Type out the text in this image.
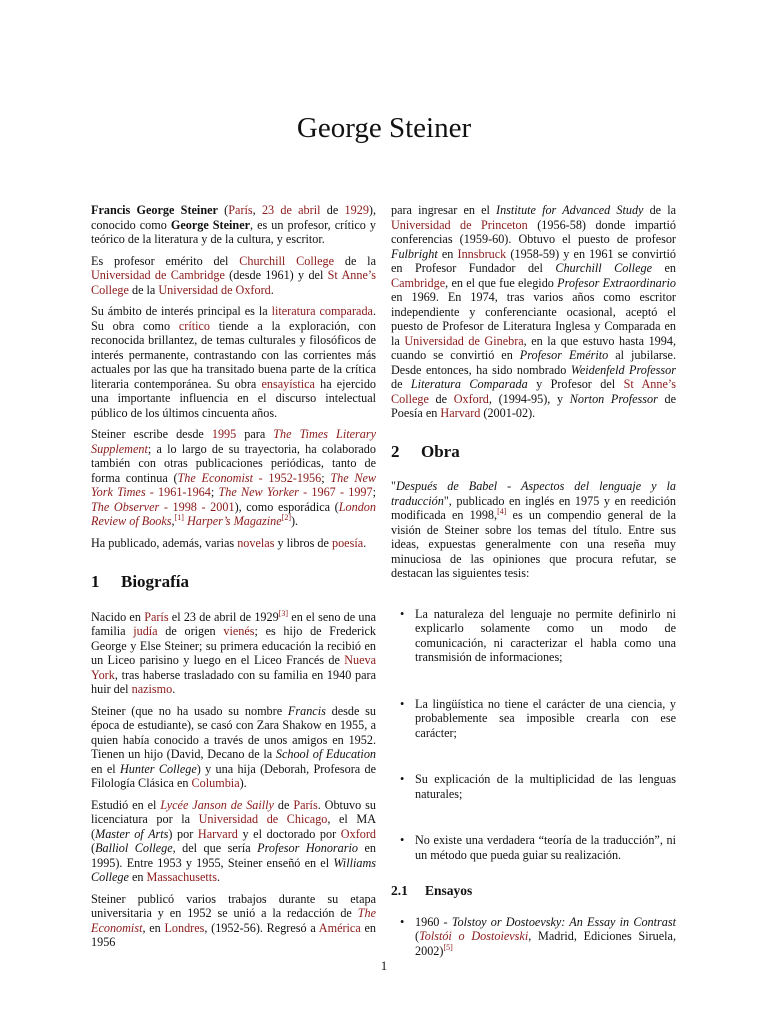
George Steiner

Francis George Steiner (París, 23 de abril de 1929), conocido como George Steiner, es un profesor, crítico y teórico de la literatura y de la cultura, y escritor.

Es profesor emérito del Churchill College de la Universidad de Cambridge (desde 1961) y del St Anne’s College de la Universidad de Oxford.

Su ámbito de interés principal es la literatura comparada. Su obra como crítico tiende a la exploración, con reconocida brillantez, de temas culturales y filosóficos de interés permanente, contrastando con las corrientes más actuales por las que ha transitado buena parte de la crítica literaria contemporánea. Su obra ensayística ha ejercido una importante influencia en el discurso intelectual público de los últimos cincuenta años.

Steiner escribe desde 1995 para The Times Literary Supplement; a lo largo de su trayectoria, ha colaborado también con otras publicaciones periódicas, tanto de forma continua (The Economist - 1952-1956; The New York Times - 1961-1964; The New Yorker - 1967 - 1997; The Observer - 1998 - 2001), como esporádica (London Review of Books,[1] Harper’s Magazine[2]).

Ha publicado, además, varias novelas y libros de poesía.

1	Biografía

Nacido en París el 23 de abril de 1929[3] en el seno de una familia judía de origen vienés; es hijo de Frederick George y Else Steiner; su primera educación la recibió en un Liceo parisino y luego en el Liceo Francés de Nueva York, tras haberse trasladado con su familia en 1940 para huir del nazismo.

Steiner (que no ha usado su nombre Francis desde su época de estudiante), se casó con Zara Shakow en 1955, a quien había conocido a través de unos amigos en 1952. Tienen un hijo (David, Decano de la School of Education en el Hunter College) y una hija (Deborah, Profesora de Filología Clásica en Columbia).

Estudió en el Lycée Janson de Sailly de París. Obtuvo su licenciatura por la Universidad de Chicago, el MA (Master of Arts) por Harvard y el doctorado por Oxford (Balliol College, del que sería Profesor Honorario en 1995). Entre 1953 y 1955, Steiner enseñó en el Williams College en Massachusetts.

Steiner publicó varios trabajos durante su etapa universitaria y en 1952 se unió a la redacción de The Economist, en Londres, (1952-56). Regresó a América en 1956

para ingresar en el Institute for Advanced Study de la Universidad de Princeton (1956-58) donde impartió conferencias (1959-60). Obtuvo el puesto de profesor Fulbright en Innsbruck (1958-59) y en 1961 se convirtió en Profesor Fundador del Churchill College en Cambridge, en el que fue elegido Profesor Extraordinario en 1969. En 1974, tras varios años como escritor independiente y conferenciante ocasional, aceptó el puesto de Profesor de Literatura Inglesa y Comparada en la Universidad de Ginebra, en la que estuvo hasta 1994, cuando se convirtió en Profesor Emérito al jubilarse. Desde entonces, ha sido nombrado Weidenfeld Professor de Literatura Comparada y Profesor del St Anne’s College de Oxford, (1994-95), y Norton Professor de Poesía en Harvard (2001-02).

2	Obra

"Después de Babel - Aspectos del lenguaje y la traducción", publicado en inglés en 1975 y en reedición modificada en 1998,[4] es un compendio general de la visión de Steiner sobre los temas del título. Entre sus ideas, expuestas generalmente con una reseña muy minuciosa de las opiniones que procura refutar, se destacan las siguientes tesis:

• La naturaleza del lenguaje no permite definirlo ni explicarlo solamente como un modo de comunicación, ni caracterizar el habla como una transmisión de informaciones;
• La lingüística no tiene el carácter de una ciencia, y probablemente sea imposible crearla con ese carácter;
• Su explicación de la multiplicidad de las lenguas naturales;
• No existe una verdadera “teoría de la traducción”, ni un método que pueda guiar su realización.
2.1	Ensayos
• 1960 - Tolstoy or Dostoevsky: An Essay in Contrast (Tolstói o Dostoievski, Madrid, Ediciones Siruela, 2002)[5]
1
